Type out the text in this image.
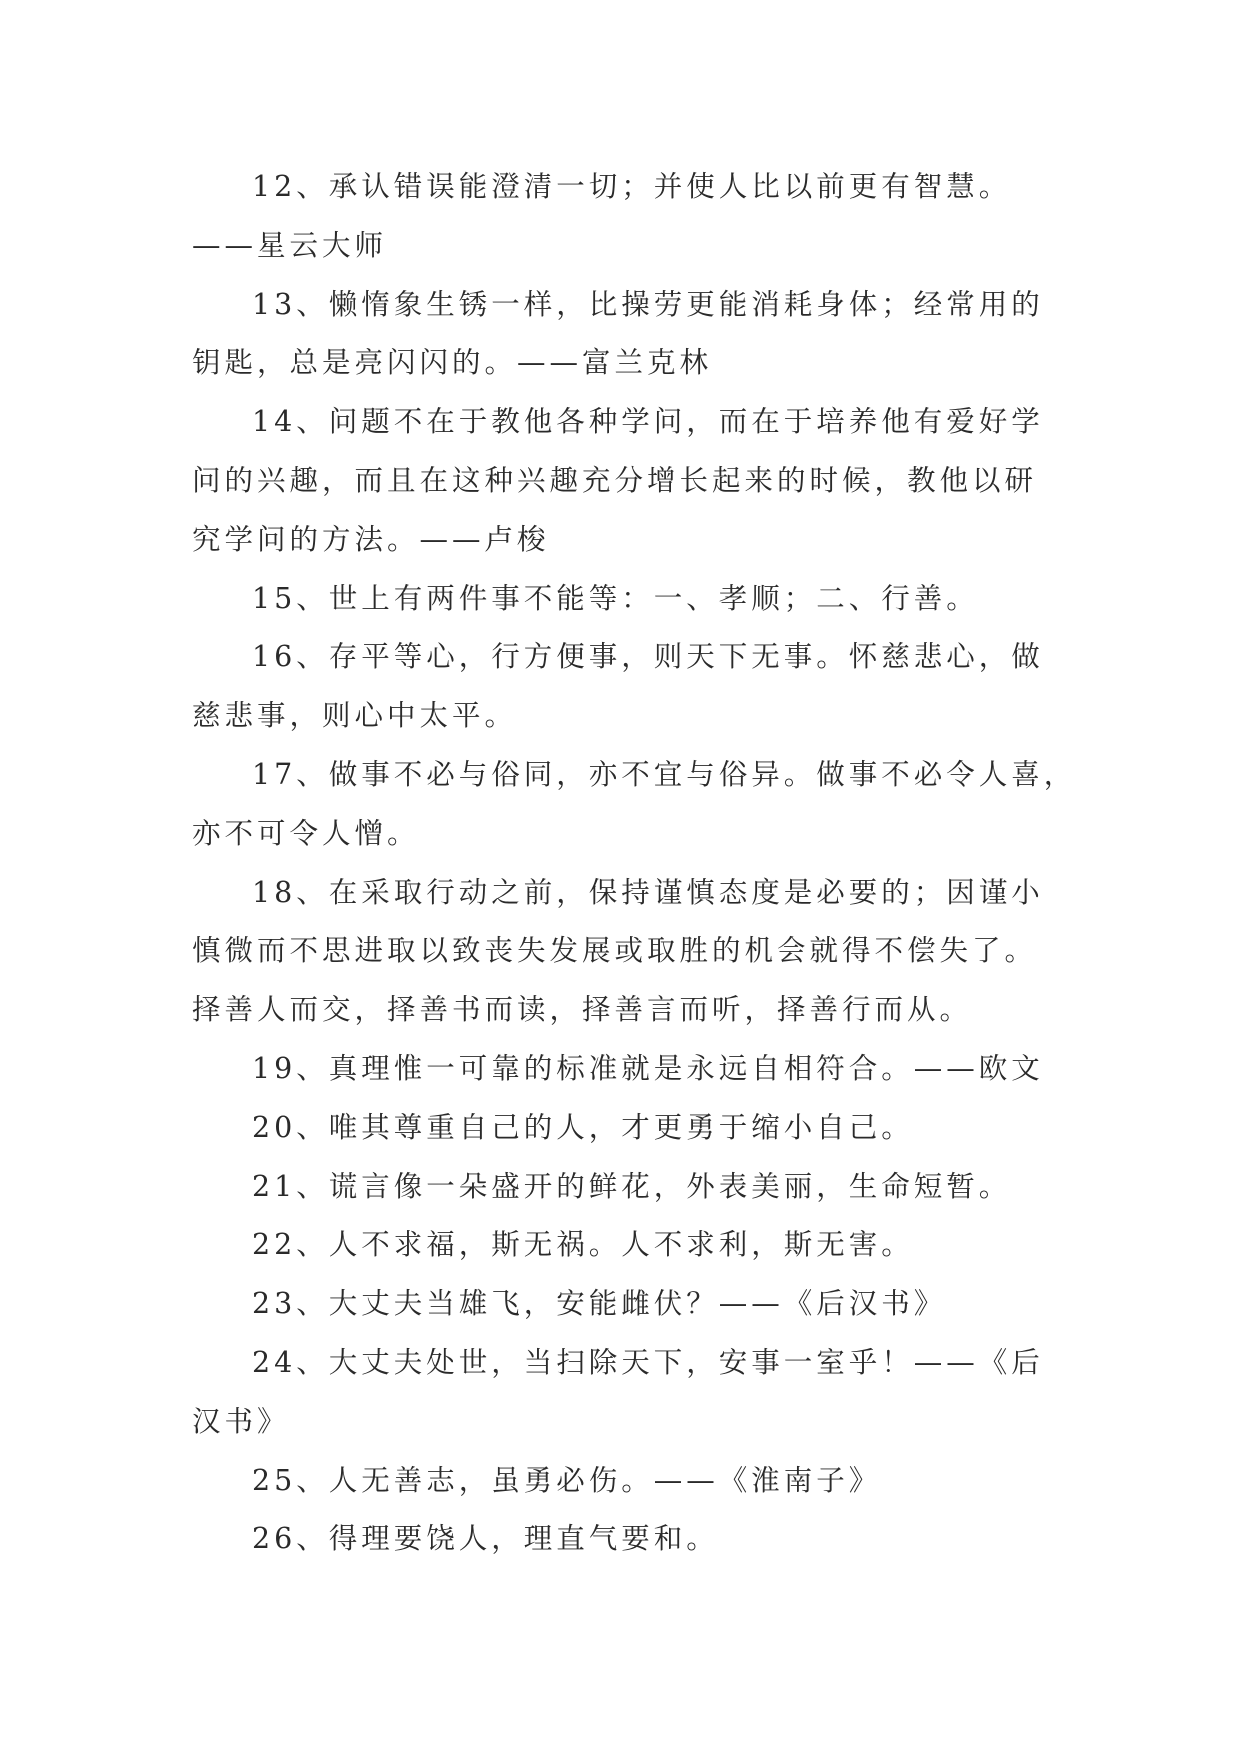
12、承认错误能澄清一切；并使人比以前更有智慧。
——星云大师

13、懒惰象生锈一样，比操劳更能消耗身体；经常用的
钥匙，总是亮闪闪的。——富兰克林

14、问题不在于教他各种学问，而在于培养他有爱好学
问的兴趣，而且在这种兴趣充分增长起来的时候，教他以研
究学问的方法。——卢梭

15、世上有两件事不能等：一、孝顺；二、行善。

16、存平等心，行方便事，则天下无事。怀慈悲心，做
慈悲事，则心中太平。

17、做事不必与俗同，亦不宜与俗异。做事不必令人喜，
亦不可令人憎。

18、在采取行动之前，保持谨慎态度是必要的；因谨小
慎微而不思进取以致丧失发展或取胜的机会就得不偿失了。
择善人而交，择善书而读，择善言而听，择善行而从。

19、真理惟一可靠的标准就是永远自相符合。——欧文

20、唯其尊重自己的人，才更勇于缩小自己。

21、谎言像一朵盛开的鲜花，外表美丽，生命短暂。

22、人不求福，斯无祸。人不求利，斯无害。

23、大丈夫当雄飞，安能雌伏？——《后汉书》

24、大丈夫处世，当扫除天下，安事一室乎！——《后
汉书》

25、人无善志，虽勇必伤。——《淮南子》

26、得理要饶人，理直气要和。
